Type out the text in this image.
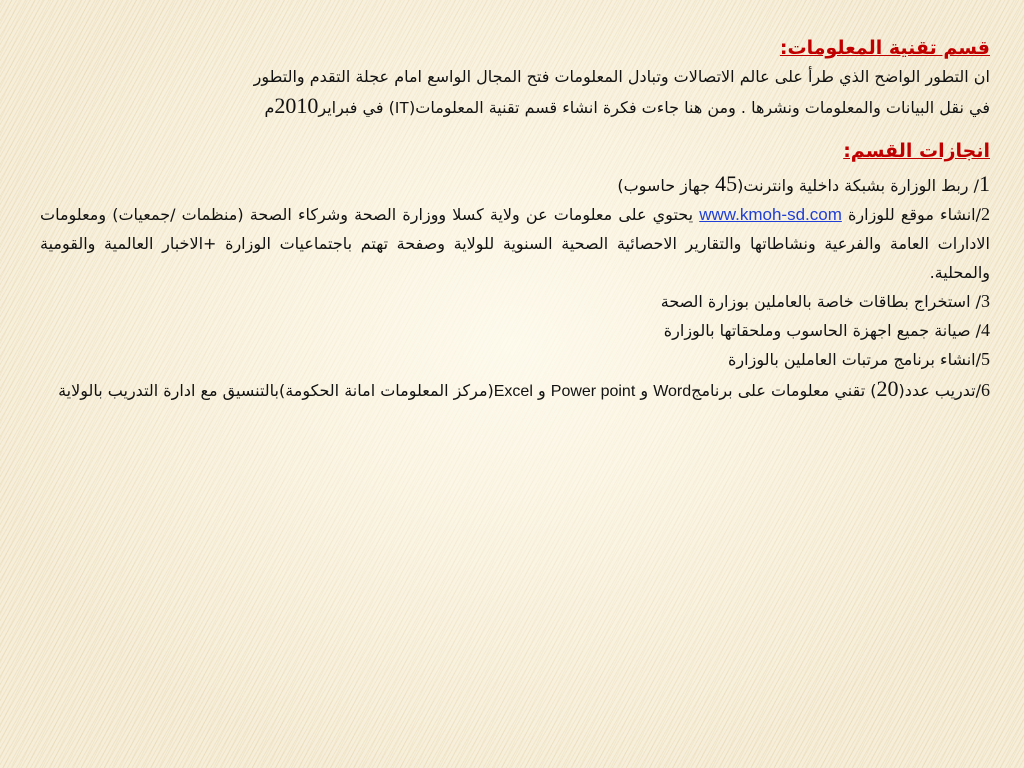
قسم تقنية المعلومات:

ان التطور الواضح الذي طرأ على عالم الاتصالات وتبادل المعلومات فتح المجال الواسع امام عجلة التقدم والتطور

في نقل البيانات والمعلومات ونشرها . ومن هنا جاءت فكرة انشاء قسم تقنية المعلومات(IT) في فبراير2010م

انجازات القسم:

1/ ربط الوزارة بشبكة داخلية وانترنت(45 جهاز حاسوب)

2/انشاء موقع للوزارة www.kmoh-sd.com يحتوي على معلومات عن ولاية كسلا ووزارة الصحة وشركاء الصحة (منظمات /جمعيات) ومعلومات الادارات العامة والفرعية ونشاطاتها والتقارير الاحصائية الصحية السنوية للولاية وصفحة تهتم باجتماعيات الوزارة +الاخبار العالمية والقومية والمحلية.

3/ استخراج بطاقات خاصة بالعاملين بوزارة الصحة

4/ صيانة جميع اجهزة الحاسوب وملحقاتها بالوزارة

5/انشاء برنامج مرتبات العاملين بالوزارة

6/تدريب عدد(20) تقني معلومات على برنامجWord و Power point و Excel(مركز المعلومات امانة الحكومة)بالتنسيق مع ادارة التدريب بالولاية
